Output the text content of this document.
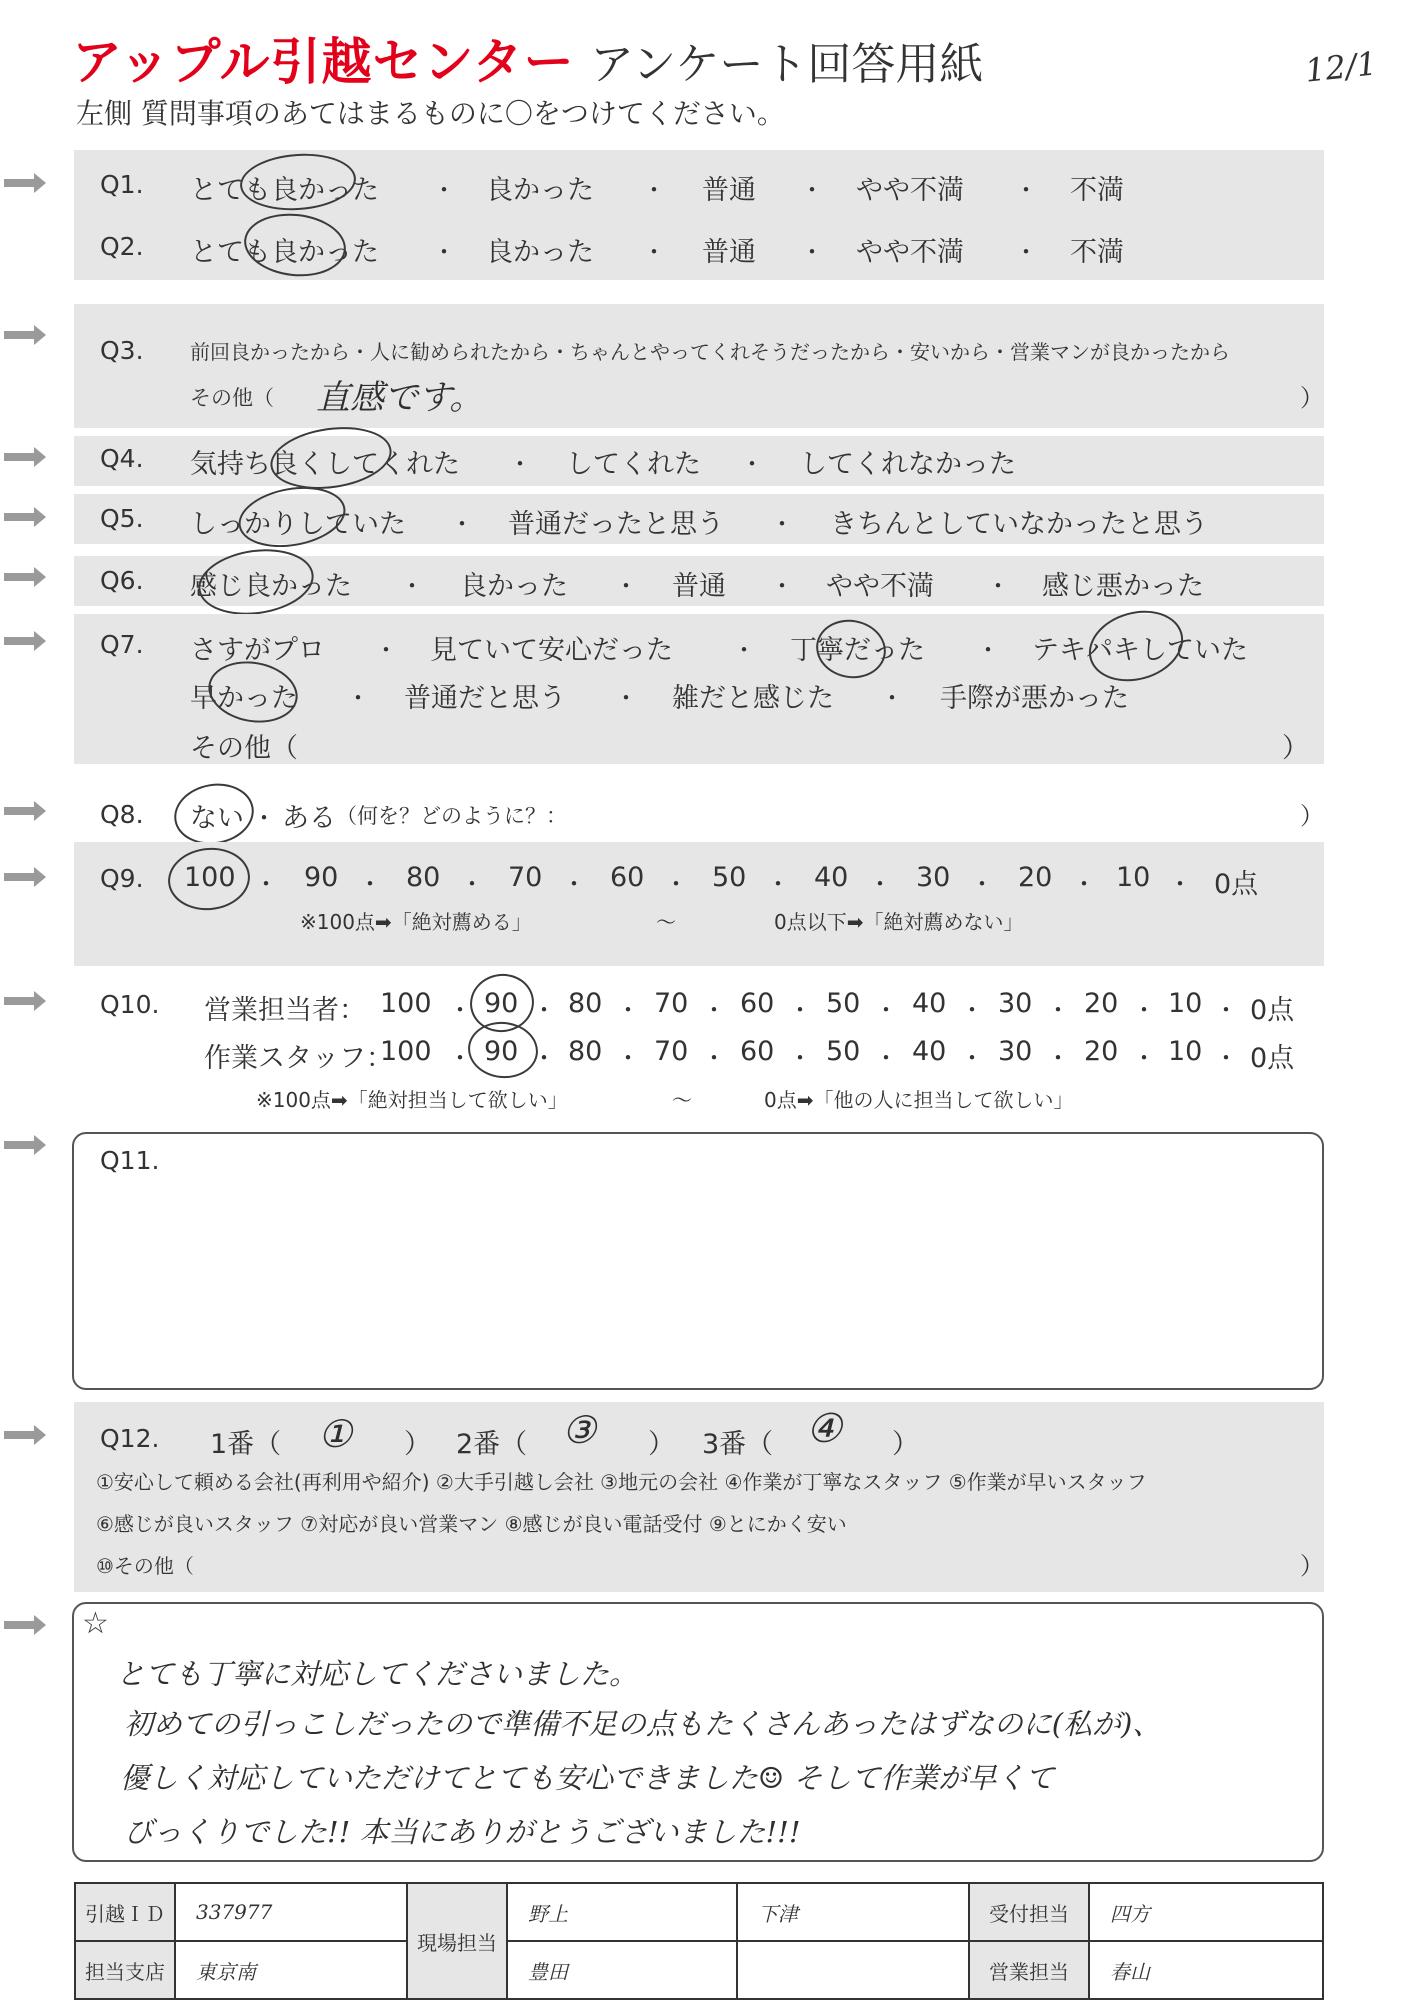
アップル引越センター アンケート回答用紙
左側 質問事項のあてはまるものに〇をつけてください。
12/1
Q1. とても良かった ・ 良かった ・ 普通 ・ やや不満 ・ 不満
Q2. とても良かった ・ 良かった ・ 普通 ・ やや不満 ・ 不満
Q3. 前回良かったから・人に勧められたから・ちゃんとやってくれそうだったから・安いから・営業マンが良かったから
その他（ 直感です。	）
Q4. 気持ち良くしてくれた ・ してくれた ・ してくれなかった
Q5. しっかりしていた ・ 普通だったと思う ・ きちんとしていなかったと思う
Q6. 感じ良かった ・ 良かった ・ 普通 ・ やや不満 ・ 感じ悪かった
Q7. さすがプロ ・ 見ていて安心だった ・ 丁寧だった ・ テキパキしていた
早かった ・ 普通だと思う ・ 雑だと感じた ・ 手際が悪かった
その他（	）
Q8. ない ・ ある （何を？どのように？：	）
Q9. 100 ・ 90 ・ 80 ・ 70 ・ 60 ・ 50 ・ 40 ・ 30 ・ 20 ・ 10 ・ 0点
※100点➡「絶対薦める」	〜	0点以下➡「絶対薦めない」
Q10. 営業担当者： 100 ・ 90 ・ 80 ・ 70 ・ 60 ・ 50 ・ 40 ・ 30 ・ 20 ・ 10 ・ 0点
作業スタッフ：
100 ・ 90 ・ 80 ・ 70 ・ 60 ・ 50 ・ 40 ・ 30 ・ 20 ・ 10 ・ 0点
※100点➡「絶対担当して欲しい」	〜	0点➡「他の人に担当して欲しい」
Q11.
Q12. 1番（ ① ） 2番（ ③ ） 3番（ ④ ）
①安心して頼める会社(再利用や紹介) ②大手引越し会社 ③地元の会社 ④作業が丁寧なスタッフ ⑤作業が早いスタッフ
⑥感じが良いスタッフ ⑦対応が良い営業マン ⑧感じが良い電話受付 ⑨とにかく安い
⑩その他（	）
☆
とても丁寧に対応してくださいました。
初めての引っこしだったので準備不足の点もたくさんあったはずなのに(私が)、
優しく対応していただけてとても安心できました☺ そして作業が早くて
びっくりでした!! 本当にありがとうございました!!!
引越ＩＤ	337977	現場担当	野上	下津	受付担当	四方
担当支店	東京南		豊田		営業担当	春山
